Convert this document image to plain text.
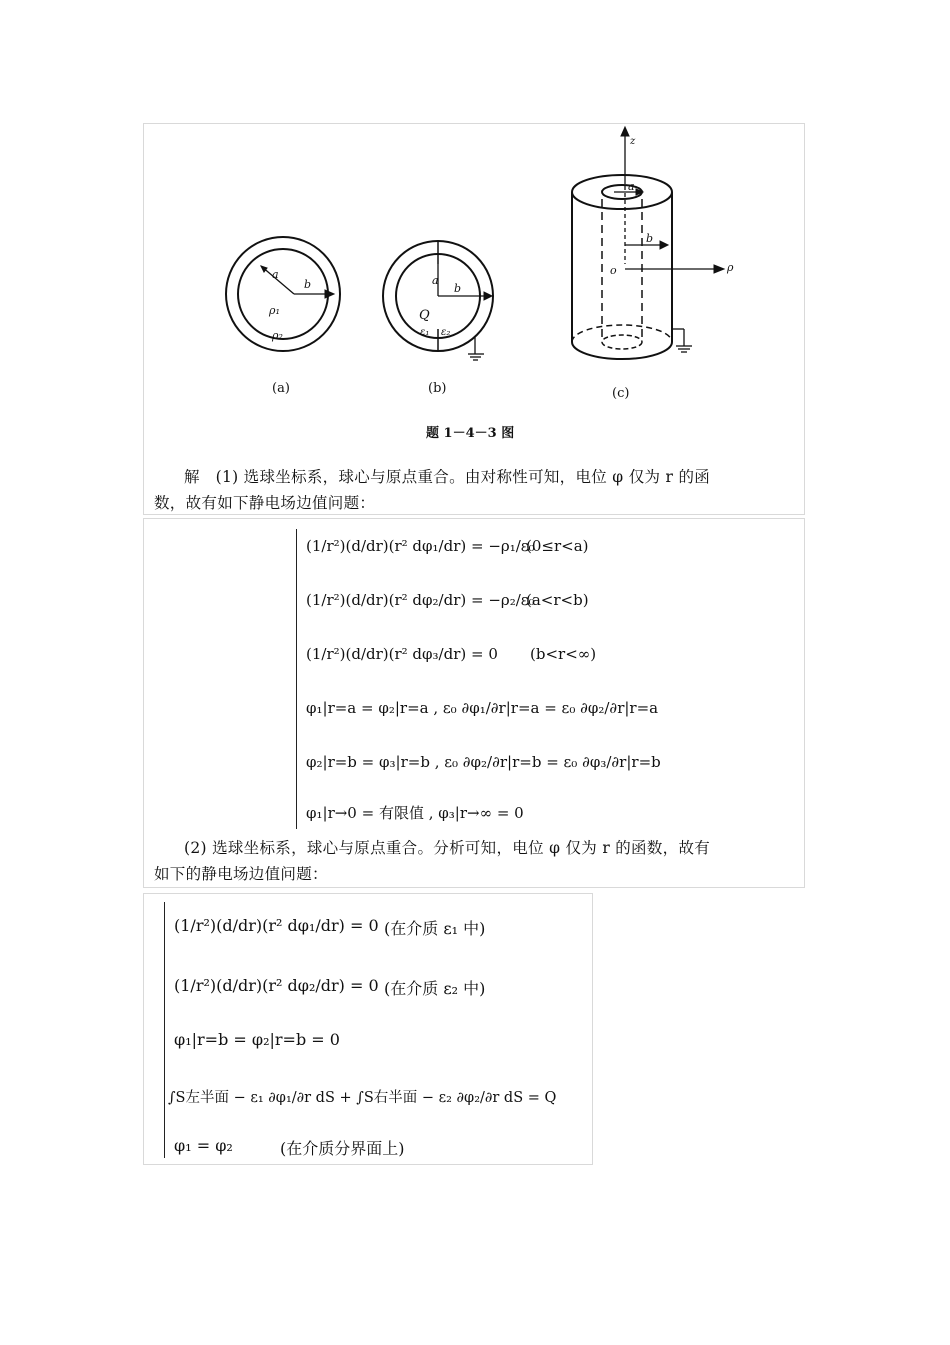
a
b
ρ₁
ρ₂
a
b
Q
ε₁ ε₂
z
a
b
o	ρ
(a)	(b)	(c)
题 1－4－3 图
解　(1) 选球坐标系，球心与原点重合。由对称性可知，电位 φ 仅为 r 的函
数，故有如下静电场边值问题：
(1/r²)(d/dr)(r² dφ₁/dr) = −ρ₁/ε₀
(0≤r<a)
(1/r²)(d/dr)(r² dφ₂/dr) = −ρ₂/ε₀
(a<r<b)
(1/r²)(d/dr)(r² dφ₃/dr) = 0 (b<r<∞)
φ₁|r=a = φ₂|r=a , ε₀ ∂φ₁/∂r|r=a = ε₀ ∂φ₂/∂r|r=a
φ₂|r=b = φ₃|r=b , ε₀ ∂φ₂/∂r|r=b = ε₀ ∂φ₃/∂r|r=b
φ₁|r→0 = 有限值 , φ₃|r→∞ = 0
(2) 选球坐标系，球心与原点重合。分析可知，电位 φ 仅为 r 的函数，故有
如下的静电场边值问题：
(1/r²)(d/dr)(r² dφ₁/dr) = 0 (在介质 ε₁ 中)
(1/r²)(d/dr)(r² dφ₂/dr) = 0 (在介质 ε₂ 中)
φ₁|r=b = φ₂|r=b = 0
∫S左半面 − ε₁ ∂φ₁/∂r dS + ∫S右半面 − ε₂ ∂φ₂/∂r dS = Q
φ₁ = φ₂	(在介质分界面上)
